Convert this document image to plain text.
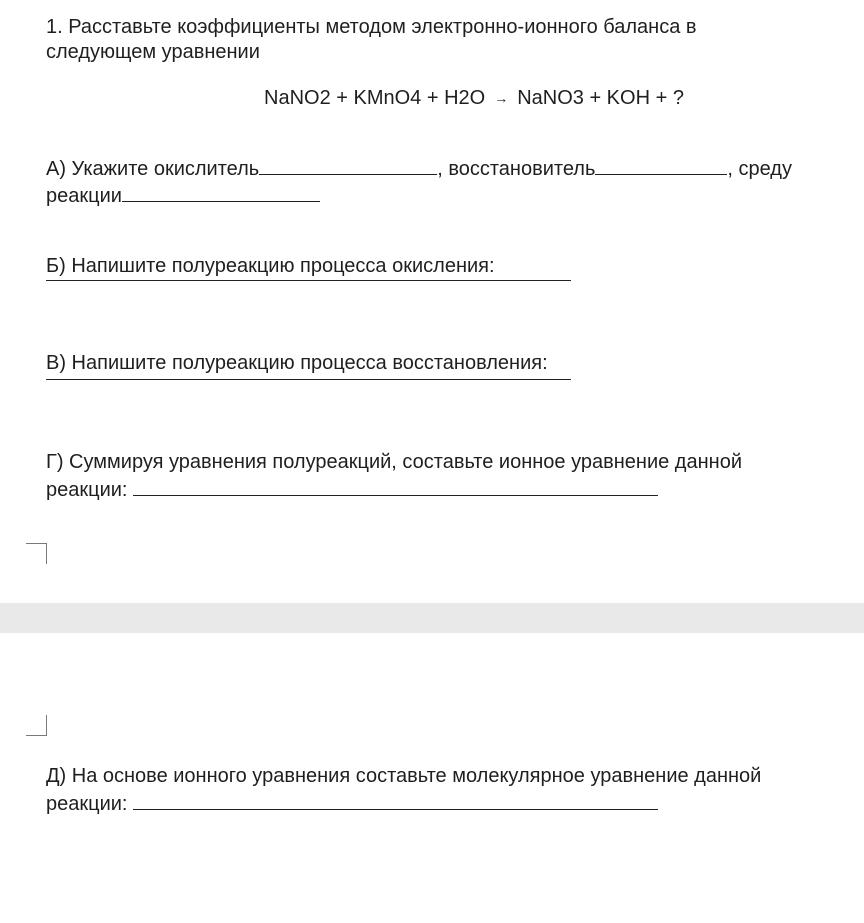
1. Расставьте коэффициенты методом электронно-ионного баланса в
следующем уравнении
NaNO2 + KMnO4 + H2O → NaNO3 + KOH + ?
А) Укажите окислитель	, восстановитель	, среду
реакции
Б) Напишите полуреакцию процесса окисления:
В) Напишите полуреакцию процесса восстановления:
Г) Суммируя уравнения полуреакций, составьте ионное уравнение данной
реакции:
Д) На основе ионного уравнения составьте молекулярное уравнение данной
реакции:
